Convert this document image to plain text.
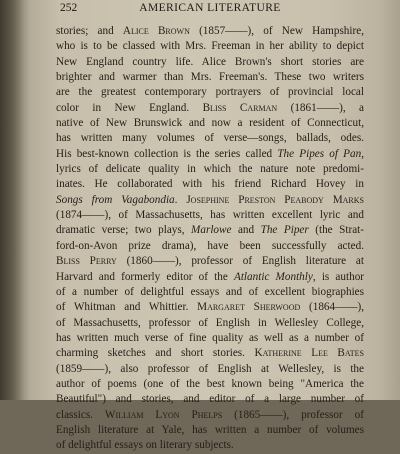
252	AMERICAN LITERATURE
stories; and Alice Brown (1857——), of New Hampshire,
who is to be classed with Mrs. Freeman in her ability to depict
New England country life. Alice Brown's short stories are
brighter and warmer than Mrs. Freeman's. These two writers
are the greatest contemporary portrayers of provincial local
color in New England. Bliss Carman (1861——), a
native of New Brunswick and now a resident of Connecticut,
has written many volumes of verse—songs, ballads, odes.
His best-known collection is the series called The Pipes of Pan,
lyrics of delicate quality in which the nature note predomi-
inates. He collaborated with his friend Richard Hovey in
Songs from Vagabondia. Josephine Preston Peabody Marks
(1874——), of Massachusetts, has written excellent lyric and
dramatic verse; two plays, Marlowe and The Piper (the Strat-
ford-on-Avon prize drama), have been successfully acted.
Bliss Perry (1860——), professor of English literature at
Harvard and formerly editor of the Atlantic Monthly, is author
of a number of delightful essays and of excellent biographies
of Whitman and Whittier. Margaret Sherwood (1864——),
of Massachusetts, professor of English in Wellesley College,
has written much verse of fine quality as well as a number of
charming sketches and short stories. Katherine Lee Bates
(1859——), also professor of English at Wellesley, is the
author of poems (one of the best known being "America the
Beautiful") and stories, and editor of a large number of
classics. William Lyon Phelps (1865——), professor of
English literature at Yale, has written a number of volumes
of delightful essays on literary subjects.
